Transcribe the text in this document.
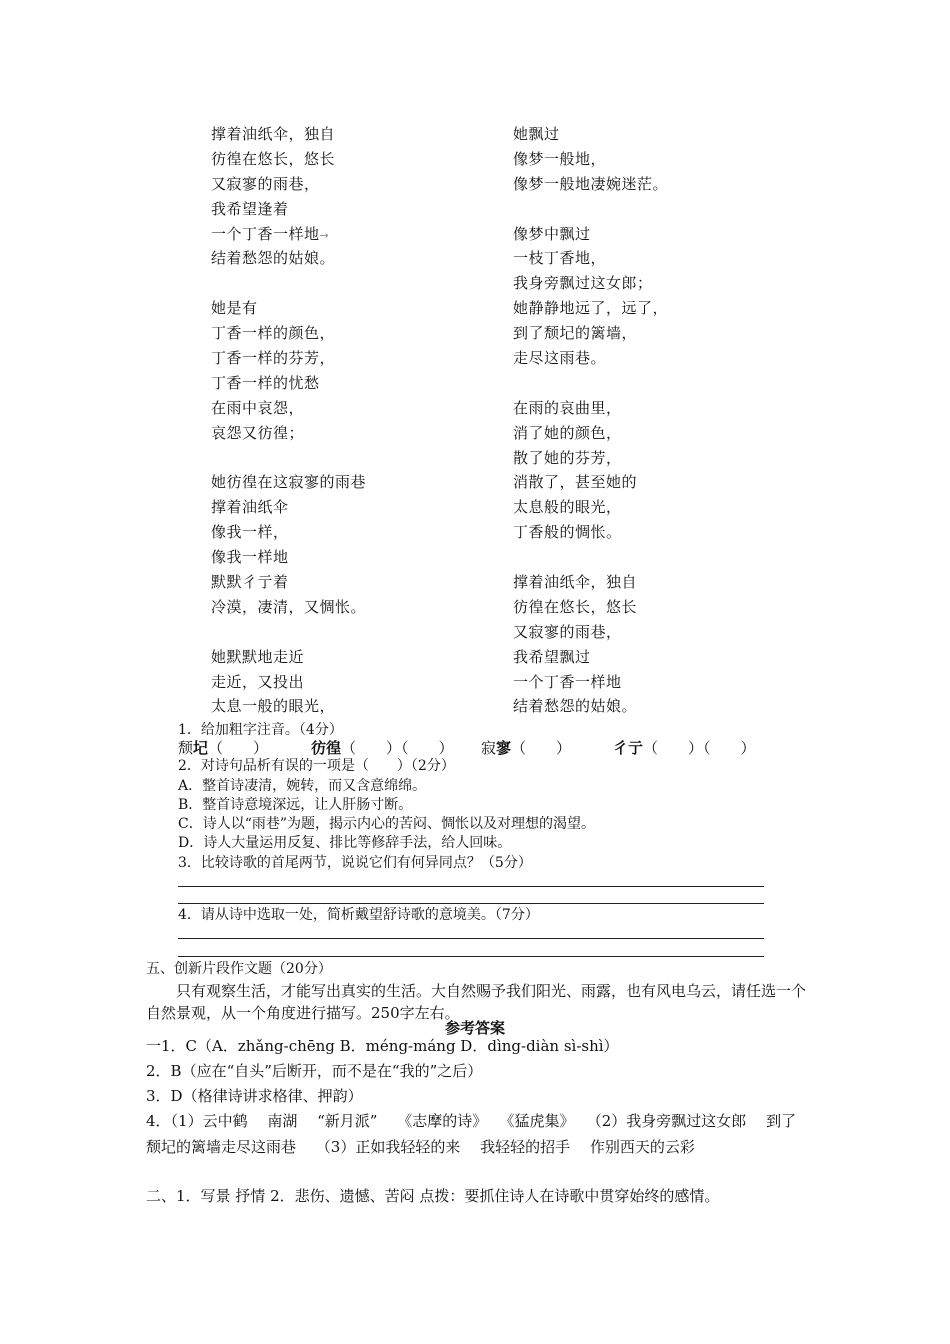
撑着油纸伞，独自
彷徨在悠长，悠长
又寂寥的雨巷，
我希望逢着
一个丁香一样地→
结着愁怨的姑娘。
她是有
丁香一样的颜色，
丁香一样的芬芳，
丁香一样的忧愁
在雨中哀怨，
哀怨又彷徨；
她彷徨在这寂寥的雨巷
撑着油纸伞
像我一样，
像我一样地
默默彳亍着
冷漠，凄清，又惆怅。
她默默地走近
走近，又投出
太息一般的眼光，
她飘过
像梦一般地，
像梦一般地凄婉迷茫。
像梦中飘过
一枝丁香地，
我身旁飘过这女郎；
她静静地远了，远了，
到了颓圮的篱墙，
走尽这雨巷。
在雨的哀曲里，
消了她的颜色，
散了她的芬芳，
消散了，甚至她的
太息般的眼光，
丁香般的惆怅。
撑着油纸伞，独自
彷徨在悠长，悠长
又寂寥的雨巷，
我希望飘过
一个丁香一样地
结着愁怨的姑娘。
1．给加粗字注音。（4分）
颓圮（　　）	彷徨（　　）（　　） 寂寥（　　）	彳亍（　　）（　　）
2．对诗句品析有误的一项是（　　）（2分）
A．整首诗凄清，婉转，而又含意绵绵。
B．整首诗意境深远，让人肝肠寸断。
C．诗人以“雨巷”为题，揭示内心的苦闷、惆怅以及对理想的渴望。
D．诗人大量运用反复、排比等修辞手法，给人回味。
3．比较诗歌的首尾两节，说说它们有何异同点？（5分）
4．请从诗中选取一处，简析戴望舒诗歌的意境美。（7分）
五、创新片段作文题（20分）
只有观察生活，才能写出真实的生活。大自然赐予我们阳光、雨露，也有风电乌云，请任选一个自然景观，从一个角度进行描写。250字左右。
参考答案
一1．C（A．zhǎng-chēng B．méng-máng D．dìng-diàn sì-shì）
2．B（应在“自头”后断开，而不是在“我的”之后）
3．D（格律诗讲求格律、押韵）
4．（1）云中鹤　 南湖　 “新月派”　 《志摩的诗》　 《猛虎集》　 （2）我身旁飘过这女郎　 到了颓圮的篱墙走尽这雨巷　 （3）正如我轻轻的来　 我轻轻的招手　 作别西天的云彩
二、1．写景 抒情 2．悲伤、遗憾、苦闷 点拨：要抓住诗人在诗歌中贯穿始终的感情。
